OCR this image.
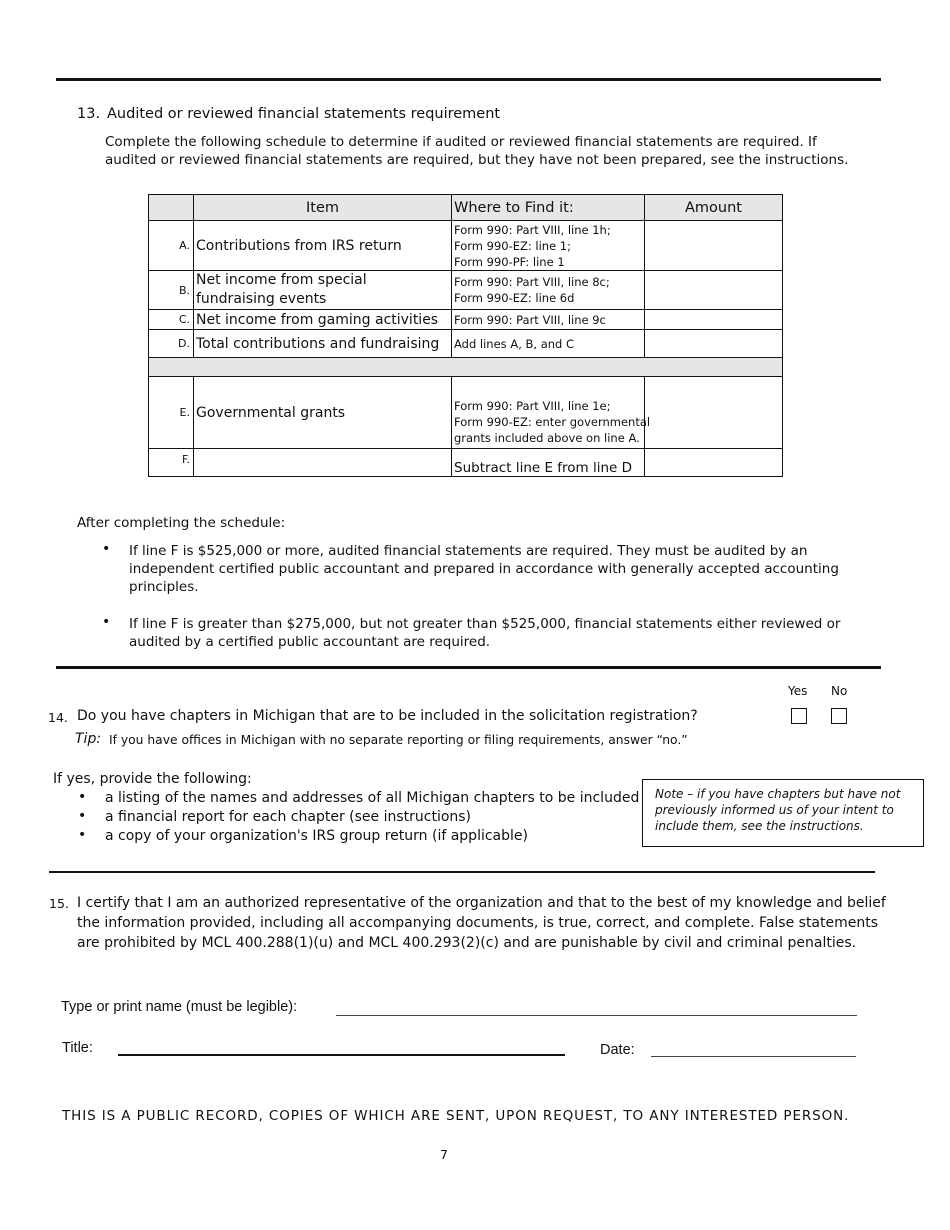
13. Audited or reviewed financial statements requirement
Complete the following schedule to determine if audited or reviewed financial statements are required. If
audited or reviewed financial statements are required, but they have not been prepared, see the instructions.
	Item	Where to Find it:	Amount
A.	Contributions from IRS return	Form 990: Part VIII, line 1h;
Form 990-EZ: line 1;
Form 990-PF: line 1	

B.	Net income from special fundraising events	Form 990: Part VIII, line 8c;
Form 990-EZ: line 6d	

C.	Net income from gaming activities	Form 990: Part VIII, line 9c	

D.	Total contributions and fundraising	Add lines A, B, and C	

E.	Governmental grants	Form 990: Part VIII, line 1e;
Form 990-EZ: enter governmental
grants included above on line A.	

F.		Subtract line E from line D	

After completing the schedule:
• If line F is $525,000 or more, audited financial statements are required. They must be audited by an
independent certified public accountant and prepared in accordance with generally accepted accounting
principles.
• If line F is greater than $275,000, but not greater than $525,000, financial statements either reviewed or
audited by a certified public accountant are required.
Yes No
14. Do you have chapters in Michigan that are to be included in the solicitation registration?
Tip: If you have offices in Michigan with no separate reporting or filing requirements, answer “no.”
If yes, provide the following:
• a listing of the names and addresses of all Michigan chapters to be included
• a financial report for each chapter (see instructions)
• a copy of your organization's IRS group return (if applicable)
Note – if you have chapters but have not
previously informed us of your intent to
include them, see the instructions.
15. I certify that I am an authorized representative of the organization and that to the best of my knowledge and belief
the information provided, including all accompanying documents, is true, correct, and complete. False statements
are prohibited by MCL 400.288(1)(u) and MCL 400.293(2)(c) and are punishable by civil and criminal penalties.
Type or print name (must be legible):
Title:	Date:
THIS IS A PUBLIC RECORD, COPIES OF WHICH ARE SENT, UPON REQUEST, TO ANY INTERESTED PERSON.
7
